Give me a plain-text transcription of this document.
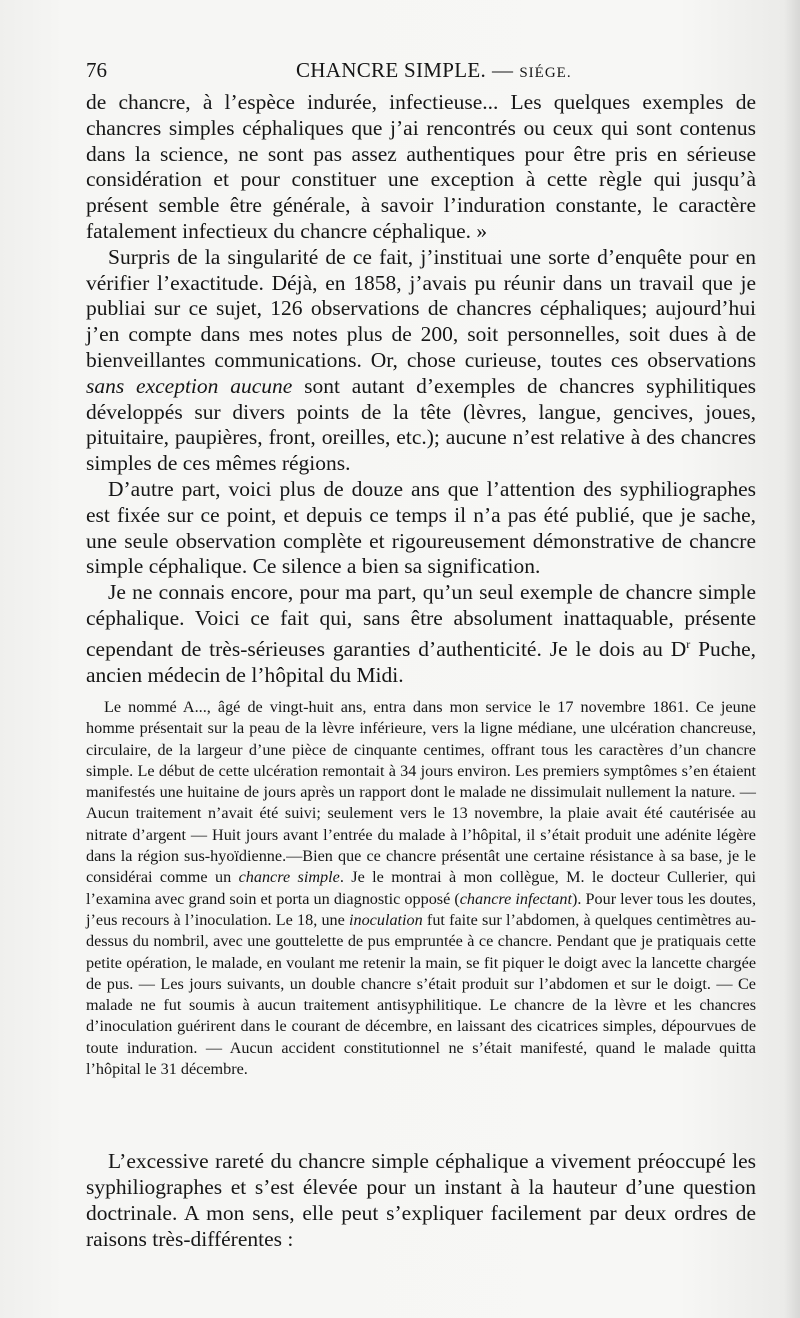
76	CHANCRE SIMPLE. — SIÉGE.

de chancre, à l’espèce indurée, infectieuse... Les quelques exemples de chancres simples céphaliques que j’ai rencontrés ou ceux qui sont contenus dans la science, ne sont pas assez authentiques pour être pris en sérieuse considération et pour constituer une exception à cette règle qui jusqu’à présent semble être générale, à savoir l’induration constante, le caractère fatalement infectieux du chancre céphalique. »

Surpris de la singularité de ce fait, j’instituai une sorte d’enquête pour en vérifier l’exactitude. Déjà, en 1858, j’avais pu réunir dans un travail que je publiai sur ce sujet, 126 observations de chancres céphaliques; aujourd’hui j’en compte dans mes notes plus de 200, soit personnelles, soit dues à de bienveillantes communications. Or, chose curieuse, toutes ces observations sans exception aucune sont autant d’exemples de chancres syphilitiques développés sur divers points de la tête (lèvres, langue, gencives, joues, pituitaire, paupières, front, oreilles, etc.); aucune n’est relative à des chancres simples de ces mêmes régions.

D’autre part, voici plus de douze ans que l’attention des syphiliographes est fixée sur ce point, et depuis ce temps il n’a pas été publié, que je sache, une seule observation complète et rigoureusement démonstrative de chancre simple céphalique. Ce silence a bien sa signification.

Je ne connais encore, pour ma part, qu’un seul exemple de chancre simple céphalique. Voici ce fait qui, sans être absolument inattaquable, présente cependant de très-sérieuses garanties d’authenticité. Je le dois au $D^r$ Puche, ancien médecin de l’hôpital du Midi.

Le nommé A..., âgé de vingt-huit ans, entra dans mon service le 17 novembre 1861. Ce jeune homme présentait sur la peau de la lèvre inférieure, vers la ligne médiane, une ulcération chancreuse, circulaire, de la largeur d’une pièce de cinquante centimes, offrant tous les caractères d’un chancre simple. Le début de cette ulcération remontait à 34 jours environ. Les premiers symptômes s’en étaient manifestés une huitaine de jours après un rapport dont le malade ne dissimulait nullement la nature. — Aucun traitement n’avait été suivi; seulement vers le 13 novembre, la plaie avait été cautérisée au nitrate d’argent — Huit jours avant l’entrée du malade à l’hôpital, il s’était produit une adénite légère dans la région sus-hyoïdienne.—Bien que ce chancre présentât une certaine résistance à sa base, je le considérai comme un chancre simple. Je le montrai à mon collègue, M. le docteur Cullerier, qui l’examina avec grand soin et porta un diagnostic opposé (chancre infectant). Pour lever tous les doutes, j’eus recours à l’inoculation. Le 18, une inoculation fut faite sur l’abdomen, à quelques centimètres au-dessus du nombril, avec une gouttelette de pus empruntée à ce chancre. Pendant que je pratiquais cette petite opération, le malade, en voulant me retenir la main, se fit piquer le doigt avec la lancette chargée de pus. — Les jours suivants, un double chancre s’était produit sur l’abdomen et sur le doigt. — Ce malade ne fut soumis à aucun traitement antisyphilitique. Le chancre de la lèvre et les chancres d’inoculation guérirent dans le courant de décembre, en laissant des cicatrices simples, dépourvues de toute induration. — Aucun accident constitutionnel ne s’était manifesté, quand le malade quitta l’hôpital le 31 décembre.

L’excessive rareté du chancre simple céphalique a vivement préoccupé les syphiliographes et s’est élevée pour un instant à la hauteur d’une question doctrinale. A mon sens, elle peut s’expliquer facilement par deux ordres de raisons très-différentes :
